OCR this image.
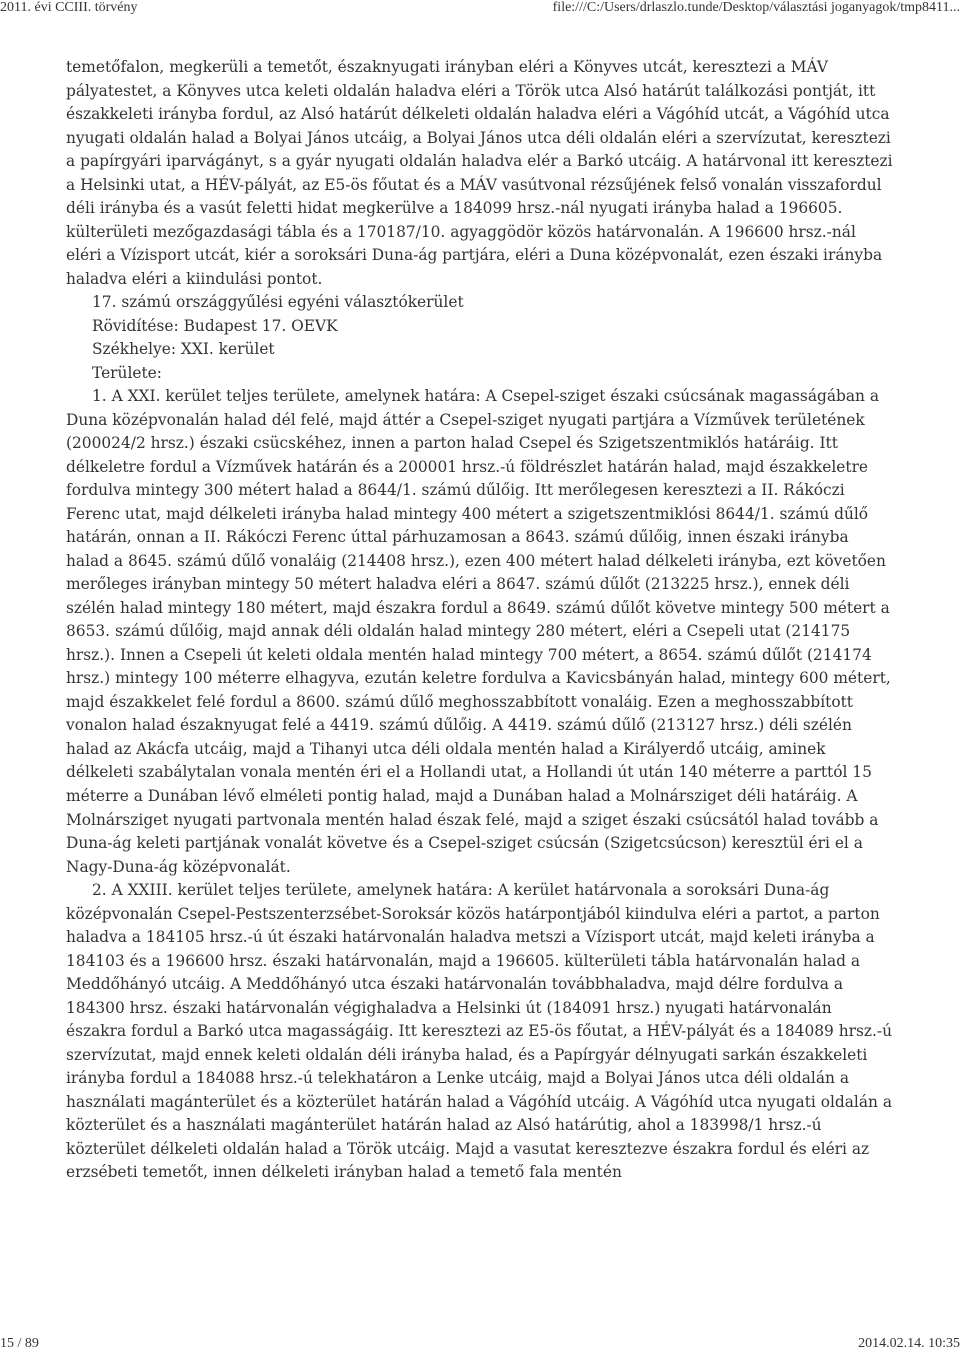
2011. évi CCIII. törvény	file:///C:/Users/drlaszlo.tunde/Desktop/választási joganyagok/tmp8411...

temetőfalon, megkerüli a temetőt, északnyugati irányban eléri a Könyves utcát, keresztezi a MÁV pályatestet, a Könyves utca keleti oldalán haladva eléri a Török utca Alsó határút találkozási pontját, itt északkeleti irányba fordul, az Alsó határút délkeleti oldalán haladva eléri a Vágóhíd utcát, a Vágóhíd utca nyugati oldalán halad a Bolyai János utcáig, a Bolyai János utca déli oldalán eléri a szervízutat, keresztezi a papírgyári iparvágányt, s a gyár nyugati oldalán haladva elér a Barkó utcáig. A határvonal itt keresztezi a Helsinki utat, a HÉV-pályát, az E5-ös főutat és a MÁV vasútvonal rézsűjének felső vonalán visszafordul déli irányba és a vasút feletti hidat megkerülve a 184099 hrsz.-nál nyugati irányba halad a 196605. külterületi mezőgazdasági tábla és a 170187/10. agyaggödör közös határvonalán. A 196600 hrsz.-nál eléri a Vízisport utcát, kiér a soroksári Duna-ág partjára, eléri a Duna középvonalát, ezen északi irányba haladva eléri a kiindulási pontot.

17. számú országgyűlési egyéni választókerület

Rövidítése: Budapest 17. OEVK

Székhelye: XXI. kerület

Területe:

1. A XXI. kerület teljes területe, amelynek határa: A Csepel-sziget északi csúcsának magasságában a Duna középvonalán halad dél felé, majd áttér a Csepel-sziget nyugati partjára a Vízművek területének (200024/2 hrsz.) északi csücskéhez, innen a parton halad Csepel és Szigetszentmiklós határáig. Itt délkeletre fordul a Vízművek határán és a 200001 hrsz.-ú földrészlet határán halad, majd északkeletre fordulva mintegy 300 métert halad a 8644/1. számú dűlőig. Itt merőlegesen keresztezi a II. Rákóczi Ferenc utat, majd délkeleti irányba halad mintegy 400 métert a szigetszentmiklósi 8644/1. számú dűlő határán, onnan a II. Rákóczi Ferenc úttal párhuzamosan a 8643. számú dűlőig, innen északi irányba halad a 8645. számú dűlő vonaláig (214408 hrsz.), ezen 400 métert halad délkeleti irányba, ezt követően merőleges irányban mintegy 50 métert haladva eléri a 8647. számú dűlőt (213225 hrsz.), ennek déli szélén halad mintegy 180 métert, majd északra fordul a 8649. számú dűlőt követve mintegy 500 métert a 8653. számú dűlőig, majd annak déli oldalán halad mintegy 280 métert, eléri a Csepeli utat (214175 hrsz.). Innen a Csepeli út keleti oldala mentén halad mintegy 700 métert, a 8654. számú dűlőt (214174 hrsz.) mintegy 100 méterre elhagyva, ezután keletre fordulva a Kavicsbányán halad, mintegy 600 métert, majd északkelet felé fordul a 8600. számú dűlő meghosszabbított vonaláig. Ezen a meghosszabbított vonalon halad északnyugat felé a 4419. számú dűlőig. A 4419. számú dűlő (213127 hrsz.) déli szélén halad az Akácfa utcáig, majd a Tihanyi utca déli oldala mentén halad a Királyerdő utcáig, aminek délkeleti szabálytalan vonala mentén éri el a Hollandi utat, a Hollandi út után 140 méterre a parttól 15 méterre a Dunában lévő elméleti pontig halad, majd a Dunában halad a Molnársziget déli határáig. A Molnársziget nyugati partvonala mentén halad észak felé, majd a sziget északi csúcsától halad tovább a Duna-ág keleti partjának vonalát követve és a Csepel-sziget csúcsán (Szigetcsúcson) keresztül éri el a Nagy-Duna-ág középvonalát.

2. A XXIII. kerület teljes területe, amelynek határa: A kerület határvonala a soroksári Duna-ág középvonalán Csepel-Pestszenterzsébet-Soroksár közös határpontjából kiindulva eléri a partot, a parton haladva a 184105 hrsz.-ú út északi határvonalán haladva metszi a Vízisport utcát, majd keleti irányba a 184103 és a 196600 hrsz. északi határvonalán, majd a 196605. külterületi tábla határvonalán halad a Meddőhányó utcáig. A Meddőhányó utca északi határvonalán továbbhaladva, majd délre fordulva a 184300 hrsz. északi határvonalán végighaladva a Helsinki út (184091 hrsz.) nyugati határvonalán északra fordul a Barkó utca magasságáig. Itt keresztezi az E5-ös főutat, a HÉV-pályát és a 184089 hrsz.-ú szervízutat, majd ennek keleti oldalán déli irányba halad, és a Papírgyár délnyugati sarkán északkeleti irányba fordul a 184088 hrsz.-ú telekhatáron a Lenke utcáig, majd a Bolyai János utca déli oldalán a használati magánterület és a közterület határán halad a Vágóhíd utcáig. A Vágóhíd utca nyugati oldalán a közterület és a használati magánterület határán halad az Alsó határútig, ahol a 183998/1 hrsz.-ú közterület délkeleti oldalán halad a Török utcáig. Majd a vasutat keresztezve északra fordul és eléri az erzsébeti temetőt, innen délkeleti irányban halad a temető fala mentén

15 / 89	2014.02.14. 10:35
